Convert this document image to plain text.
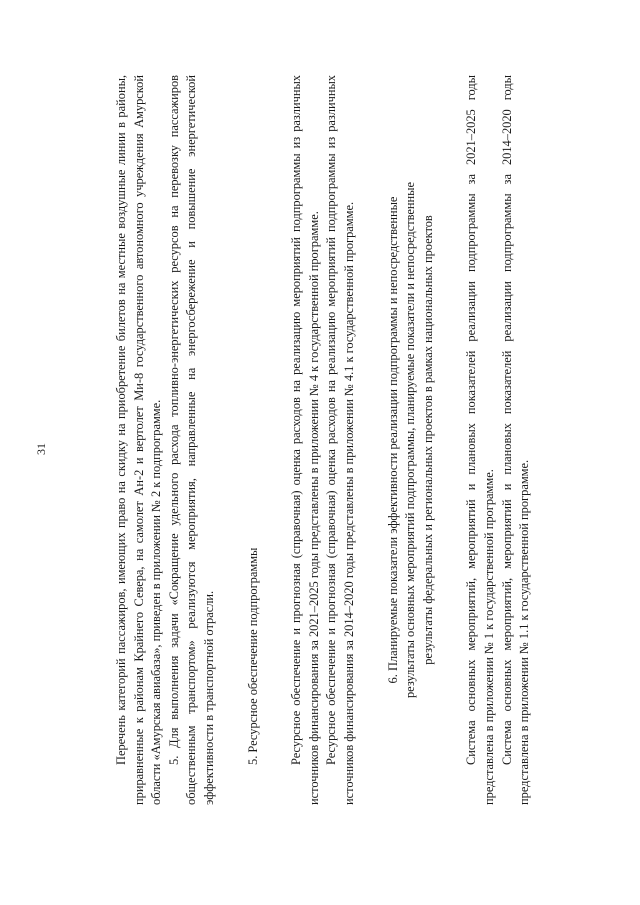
31	Перечень категорий пассажиров, имеющих право на скидку на приобретение билетов на местные воздушные линии в районы, приравненные к районам Крайнего Севера, на самолет Ан-2 и вертолет Ми-8 государственного автономного учреждения Амурской области «Амурская авиабаза», приведен в приложении № 2 к подпрограмме. 5. Для выполнения задачи «Сокращение удельного расхода топливно-энергетических ресурсов на перевозку пассажиров общественным транспортом» реализуются мероприятия, направленные на энергосбережение и повышение энергетической эффективности в транспортной отрасли. 5. Ресурсное обеспечение подпрограммы Ресурсное обеспечение и прогнозная (справочная) оценка расходов на реализацию мероприятий подпрограммы из различных источников финансирования за 2021–2025 годы представлены в приложении № 4 к государственной программе. Ресурсное обеспечение и прогнозная (справочная) оценка расходов на реализацию мероприятий подпрограммы из различных источников финансирования за 2014–2020 годы представлены в приложении № 4.1 к государственной программе. 6. Планируемые показатели эффективности реализации подпрограммы и непосредственные результаты основных мероприятий подпрограммы, планируемые показатели и непосредственные результаты федеральных и региональных проектов в рамках национальных проектов Система основных мероприятий, мероприятий и плановых показателей реализации подпрограммы за 2021–2025 годы представлена в приложении № 1 к государственной программе. Система основных мероприятий, мероприятий и плановых показателей реализации подпрограммы за 2014–2020 годы представлена в приложении № 1.1 к государственной программе.
